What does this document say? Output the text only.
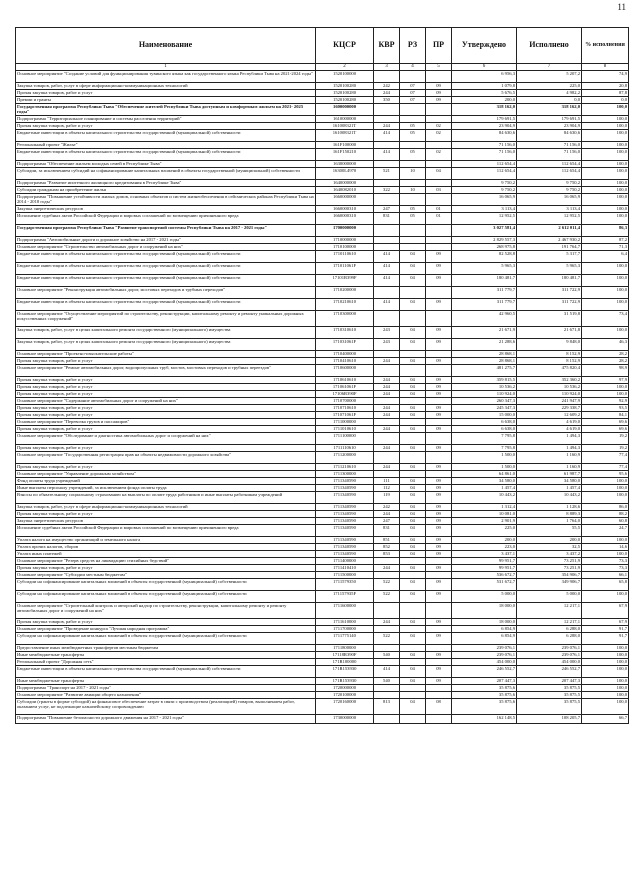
11
Наименование	КЦСР	КВР	РЗ	ПР	Утверждено	Исполнено	% исполнения
1	2	3	4	5	6	7	8
Основное мероприятие "Создание условий для функционирования тувинского языка как государственного языка Республики Тыва на 2021-2024 годы"	1520100000				6 956,3	5 207,2	74,9
Закупка товаров, работ, услуг в сфере информационно-коммуникационных технологий	1520100280	242	07	09	1 079,8	225,0	20,8
Прочая закупка товаров, работ и услуг	1520100280	244	07	09	5 676,5	4 982,2	87,8
Премии и гранты	1520100280	350	07	09	200,0	0,0	0,0
Государственная программа Республики Тыва "Обеспечение жителей Республики Тыва доступным и комфортным жильем на 2021- 2025 годы"	1600000000				318 162,0	318 162,0	100,0
Подпрограмма "Территориальное планирование и системы расселения территорий"	1610000000				179 691,5	179 691,5	100,0
Прочая закупка товаров, работ и услуг	161008321Т	244	05	02	23 904,9	23 904,9	100,0
Бюджетные инвестиции в объекты капитального строительства государственной (муниципальной) собственности	161008321Т	414	05	02	84 630,6	84 630,6	100,0
Региональный проект "Жилье"	161F100000				71 156,0	71 156,0	100,0
Бюджетные инвестиции в объекты капитального строительства государственной (муниципальной) собственности	161F150210	414	05	02	71 156,0	71 156,0	100,0
Подпрограмма "Обеспечение жильем молодых семей в Республике Тыва"	1630000000				112 654,4	112 654,4	100,0
Субсидии, за исключением субсидий на софинансирование капитальных вложений в объекты государственной (муниципальной) собственности	16300L4970	521	10	04	112 654,4	112 654,4	100,0
Подпрограмма "Развитие ипотечного жилищного кредитования в Республике Тыва"	1640000000				9 750,2	9 750,2	100,0
Субсидии гражданам на приобретение жилья	1640082010	322	10	03	9 750,2	9 750,2	100,0
Подпрограмма "Повышение устойчивости жилых домов, основных объектов и систем жизнеобеспечения в сейсмических районах Республики Тыва на 2014 - 2018 годы"	1660000000				16 065,9	16 065,9	100,0
Закупка энергетических ресурсов	1660000310	247	05	01	3 113,4	3 113,4	100,0
Исполнение судебных актов Российской Федерации и мировых соглашений по возмещению причиненного вреда	1660000310	831	05	01	12 952,5	12 952,5	100,0
Государственная программа Республики Тыва "Развитие транспортной системы Республики Тыва на 2017 - 2021 годы"	1700000000				3 027 581,4	2 612 011,4	86,3
Подпрограмма "Автомобильные дороги и дорожное хозяйство на 2017 - 2021 годы"	1710000000				2 829 557,3	2 467 930,2	87,2
Основное мероприятие "Строительство автомобильных дорог и сооружений на них"	1710100000				268 975,8	191 764,7	71,3
Бюджетные инвестиции в объекты капитального строительства государственной (муниципальной) собственности	1710110610	414	04	09	82 528,8	5 317,7	6,4
Бюджетные инвестиции в объекты капитального строительства государственной (муниципальной) собственности	171011061F	414	04	09	5 965,3	5 965,3	100,0
Бюджетные инвестиции в объекты капитального строительства государственной (муниципальной) собственности	17101R399F	414	04	09	180 481,7	180 481,7	100,0
Основное мероприятие "Реконструкция автомобильных дорог, мостовых переходов и трубных переходов"	1710200000				311 779,7	311 722,9	100,0
Бюджетные инвестиции в объекты капитального строительства государственной (муниципальной) собственности	1710210610	414	04	09	311 779,7	311 722,9	100,0
Основное мероприятие "Осуществление мероприятий по строительству, реконструкции, капитальному ремонту и ремонту уникальных дорожных искусственных сооружений"	1710300000				42 960,5	31 519,8	73,4
Закупка товаров, работ, услуг в целях капитального ремонта государственного (муниципального) имущества	1710310610	243	04	09	21 671,9	21 671,8	100,0
Закупка товаров, работ, услуг в целях капитального ремонта государственного (муниципального) имущества	171031061F	243	04	09	21 288,6	9 848,0	46,3
Основное мероприятие "Проектно-изыскательские работы"	1710400000				28 868,1	8 152,9	28,2
Прочая закупка товаров, работ и услуг	1710410610	244	04	09	28 868,1	8 152,9	28,2
Основное мероприятие "Ремонт автомобильных дорог, водопропускных труб, мостов, мостовых переходов и трубных переездов"	1710600000				481 275,7	475 820,4	98,9
Прочая закупка товаров, работ и услуг	1710610610	244	04	09	359 815,5	352 360,2	97,9
Прочая закупка товаров, работ и услуг	171061061F	244	04	09	10 536,2	10 536,2	100,0
Прочая закупка товаров, работ и услуг	17106R390F	244	04	09	110 924,0	110 924,0	100,0
Основное мероприятие "Содержание автомобильных дорог и сооружений на них"	1710700000				260 347,3	241 947,9	92,9
Прочая закупка товаров, работ и услуг	1710710610	244	04	09	245 347,3	229 338,7	93,5
Прочая закупка товаров, работ и услуг	171071061F	244	04	09	15 000,0	12 609,2	84,1
Основное мероприятие "Перевозка грузов и пассажиров"	1711000000				6 638,0	4 619,0	69,6
Прочая закупка товаров, работ и услуг	1711010610	244	04	09	6 638,0	4 619,0	69,6
Основное мероприятие "Обследование и диагностика автомобильных дорог и сооружений на них"	1711100000				7 795,8	1 494,3	19,2
Прочая закупка товаров, работ и услуг	1711110610	244	04	09	7 795,8	1 494,3	19,2
Основное мероприятие "Государственная регистрация прав на объекты недвижимости дорожного хозяйства"	1711200000				1 500,0	1 160,9	77,4
Прочая закупка товаров, работ и услуг	1711210610	244	04	09	1 500,0	1 160,9	77,4
Основное мероприятие "Управление дорожным хозяйством"	1711300000				64 861,0	61 987,7	95,6
Фонд оплаты труда учреждений	1711340590	111	04	09	34 580,0	34 580,0	100,0
Иные выплаты персоналу учреждений, за исключением фонда оплаты труда	1711340590	112	04	09	1 457,4	1 457,4	100,0
Взносы по обязательному социальному страхованию на выплаты по оплате труда работников и иные выплаты работникам учреждений	1711340590	119	04	09	10 443,2	10 443,2	100,0
Закупка товаров, работ, услуг в сфере информационно-коммуникационных технологий	1711340590	242	04	09	1 312,4	1 128,6	86,0
Прочая закупка товаров, работ и услуг	1711340590	244	04	09	10 081,0	8 889,3	88,2
Закупка энергетических ресурсов	1711340590	247	04	09	2 901,9	1 764,0	60,8
Исполнение судебных актов Российской Федерации и мировых соглашений по возмещению причиненного вреда	1711340590	831	04	09	225,0	55,5	24,7
Уплата налога на имущество организаций и земельного налога	1711340590	851	04	09	200,0	200,0	100,0
Уплата прочих налогов, сборов	1711340590	852	04	09	223,0	32,5	14,6
Уплата иных платежей	1711340590	853	04	09	3 437,1	3 437,2	100,0
Основное мероприятие "Резерв средств на ликвидацию стихийных бедствий"	1711400000				99 951,7	73 251,9	73,3
Прочая закупка товаров, работ и услуг	1711410410	244	04	09	99 951,7	73 251,9	73,3
Основное мероприятие "Субсидии местным бюджетам"	1711500000				536 672,7	354 906,7	66,1
Субсидии на софинансирование капитальных вложений в объекты государственной (муниципальной) собственности	1711579350	522	04	09	531 672,7	349 906,7	65,8
Субсидии на софинансирование капитальных вложений в объекты государственной (муниципальной) собственности	171157935F	522	04	09	5 000,0	5 000,0	100,0
Основное мероприятие "Строительный контроль и авторский надзор по строительству, реконструкции, капитальному ремонту и ремонту автомобильных дорог и сооружений на них"	1711600000				18 000,0	12 217,1	67,9
Прочая закупка товаров, работ и услуг	1711610000	244	04	09	18 000,0	12 217,1	67,9
Основное мероприятие "Проведение конкурса "Лучшая народная программа"	1711700000				6 854,9	6 288,0	91,7
Субсидии на софинансирование капитальных вложений в объекты государственной (муниципальной) собственности	1711775140	522	04	09	6 854,9	6 288,0	91,7
Предоставление иных межбюджетных трансфертов местным бюджетам	1711800000				239 076,1	239 076,1	100,0
Иные межбюджетные трансферты	17118R390F	540	04	09	239 076,1	239 076,1	100,0
Региональный проект "Дорожная сеть"	171R100000				454 000,0	454 000,0	100,0
Бюджетные инвестиции в объекты капитального строительства государственной (муниципальной) собственности	171R153930	414	04	09	246 552,7	246 552,7	100,0
Иные межбюджетные трансферты	171R153930	540	04	09	207 447,3	207 447,3	100,0
Подпрограмма "Транспорт на 2017 - 2021 годы"	1720000000				35 875,6	35 875,5	100,0
Основное мероприятие "Развитие авиации общего назначения"	1720100000				35 875,6	35 875,5	100,0
Субсидии (гранты в форме субсидий) на финансовое обеспечение затрат в связи с производством (реализацией) товаров, выполнением работ, оказанием услуг, не подлежащие казначейскому сопровождению	1720160000	813	04	08	35 875,6	35 875,5	100,0
Подпрограмма "Повышение безопасности дорожного движения на 2017 - 2021 годы"	1730000000				162 148,5	108 205,7	66,7
